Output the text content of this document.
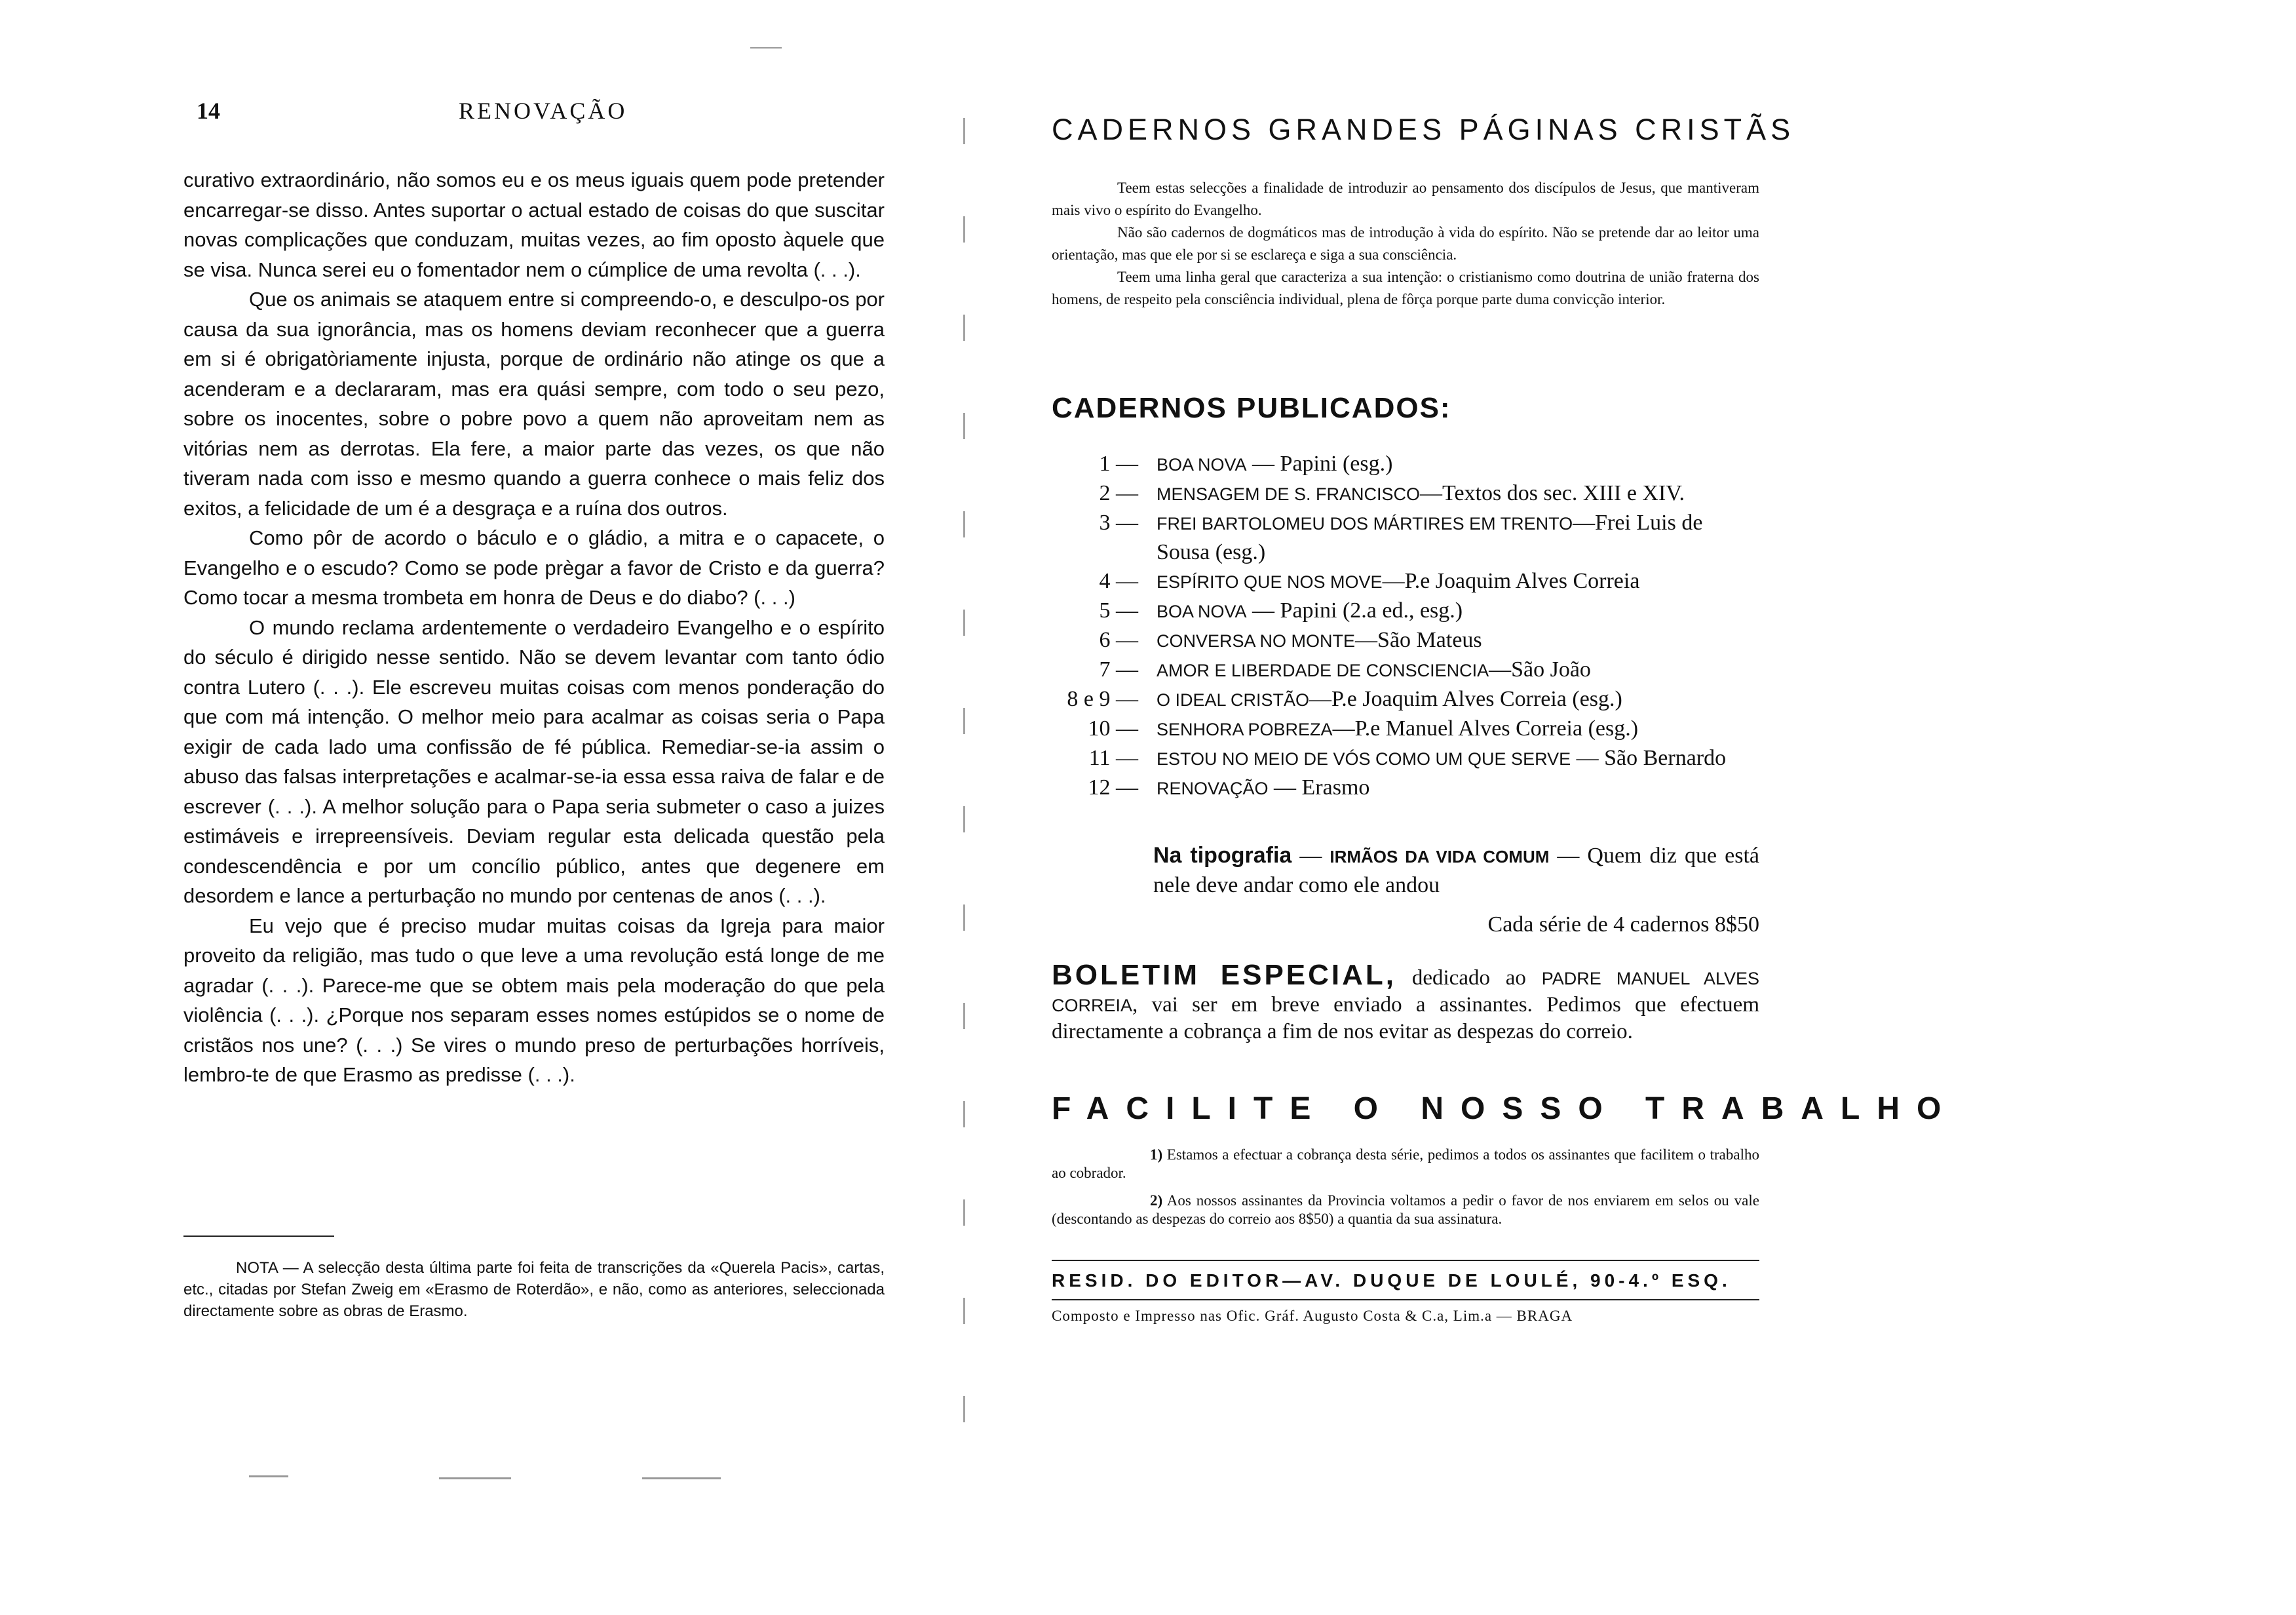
14	RENOVAÇÃO

curativo extraordinário, não somos eu e os meus iguais quem pode pretender encarregar-se disso. Antes suportar o actual estado de coisas do que suscitar novas complicações que conduzam, muitas vezes, ao fim oposto àquele que se visa. Nunca serei eu o fomentador nem o cúmplice de uma revolta (. . .).

Que os animais se ataquem entre si compreendo-o, e desculpo-os por causa da sua ignorância, mas os homens deviam reconhecer que a guerra em si é obrigatòriamente injusta, porque de ordinário não atinge os que a acenderam e a declararam, mas era quási sempre, com todo o seu pezo, sobre os inocentes, sobre o pobre povo a quem não aproveitam nem as vitórias nem as derrotas. Ela fere, a maior parte das vezes, os que não tiveram nada com isso e mesmo quando a guerra conhece o mais feliz dos exitos, a felicidade de um é a desgraça e a ruína dos outros.

Como pôr de acordo o báculo e o gládio, a mitra e o capacete, o Evangelho e o escudo? Como se pode prègar a favor de Cristo e da guerra? Como tocar a mesma trombeta em honra de Deus e do diabo? (. . .)

O mundo reclama ardentemente o verdadeiro Evangelho e o espírito do século é dirigido nesse sentido. Não se devem levantar com tanto ódio contra Lutero (. . .). Ele escreveu muitas coisas com menos ponderação do que com má intenção. O melhor meio para acalmar as coisas seria o Papa exigir de cada lado uma confissão de fé pública. Remediar-se-ia assim o abuso das falsas interpretações e acalmar-se-ia essa essa raiva de falar e de escrever (. . .). A melhor solução para o Papa seria submeter o caso a juizes estimáveis e irrepreensíveis. Deviam regular esta delicada questão pela condescendência e por um concílio público, antes que degenere em desordem e lance a perturbação no mundo por centenas de anos (. . .).

Eu vejo que é preciso mudar muitas coisas da Igreja para maior proveito da religião, mas tudo o que leve a uma revolução está longe de me agradar (. . .). Parece-me que se obtem mais pela moderação do que pela violência (. . .). ¿Porque nos separam esses nomes estúpidos se o nome de cristãos nos une? (. . .) Se vires o mundo preso de perturbações horríveis, lembro-te de que Erasmo as predisse (. . .).

NOTA — A selecção desta última parte foi feita de transcrições da «Querela Pacis», cartas, etc., citadas por Stefan Zweig em «Erasmo de Roterdão», e não, como as anteriores, seleccionada directamente sobre as obras de Erasmo.
CADERNOS GRANDES PÁGINAS CRISTÃS

Teem estas selecções a finalidade de introduzir ao pensamento dos discípulos de Jesus, que mantiveram mais vivo o espírito do Evangelho.

Não são cadernos de dogmáticos mas de introdução à vida do espírito. Não se pretende dar ao leitor uma orientação, mas que ele por si se esclareça e siga a sua consciência.

Teem uma linha geral que caracteriza a sua intenção: o cristianismo como doutrina de união fraterna dos homens, de respeito pela consciência individual, plena de fôrça porque parte duma convicção interior.

CADERNOS PUBLICADOS:
1 — BOA NOVA — Papini (esg.)
2 — MENSAGEM DE S. FRANCISCO—Textos dos sec. XIII e XIV.
3 — FREI BARTOLOMEU DOS MÁRTIRES EM TRENTO—Frei Luis de Sousa (esg.)
4 — ESPÍRITO QUE NOS MOVE—P.e Joaquim Alves Correia
5 — BOA NOVA — Papini (2.a ed., esg.)
6 — CONVERSA NO MONTE—São Mateus
7 — AMOR E LIBERDADE DE CONSCIENCIA—São João
8 e 9 — O IDEAL CRISTÃO—P.e Joaquim Alves Correia (esg.)
10 — SENHORA POBREZA—P.e Manuel Alves Correia (esg.)
11 — ESTOU NO MEIO DE VÓS COMO UM QUE SERVE — São Bernardo
12 — RENOVAÇÃO — Erasmo
Na tipografia — IRMÃOS DA VIDA COMUM — Quem diz que está nele deve andar como ele andou
Cada série de 4 cadernos 8$50
BOLETIM ESPECIAL, dedicado ao PADRE MANUEL ALVES CORREIA, vai ser em breve enviado a assinantes. Pedimos que efectuem directamente a cobrança a fim de nos evitar as despezas do correio.
FACILITE O NOSSO TRABALHO
1) Estamos a efectuar a cobrança desta série, pedimos a todos os assinantes que facilitem o trabalho ao cobrador.
2) Aos nossos assinantes da Provincia voltamos a pedir o favor de nos enviarem em selos ou vale (descontando as despezas do correio aos 8$50) a quantia da sua assinatura.
RESID. DO EDITOR—AV. DUQUE DE LOULÉ, 90-4.º ESQ.
Composto e Impresso nas Ofic. Gráf. Augusto Costa & C.a, Lim.a — BRAGA
